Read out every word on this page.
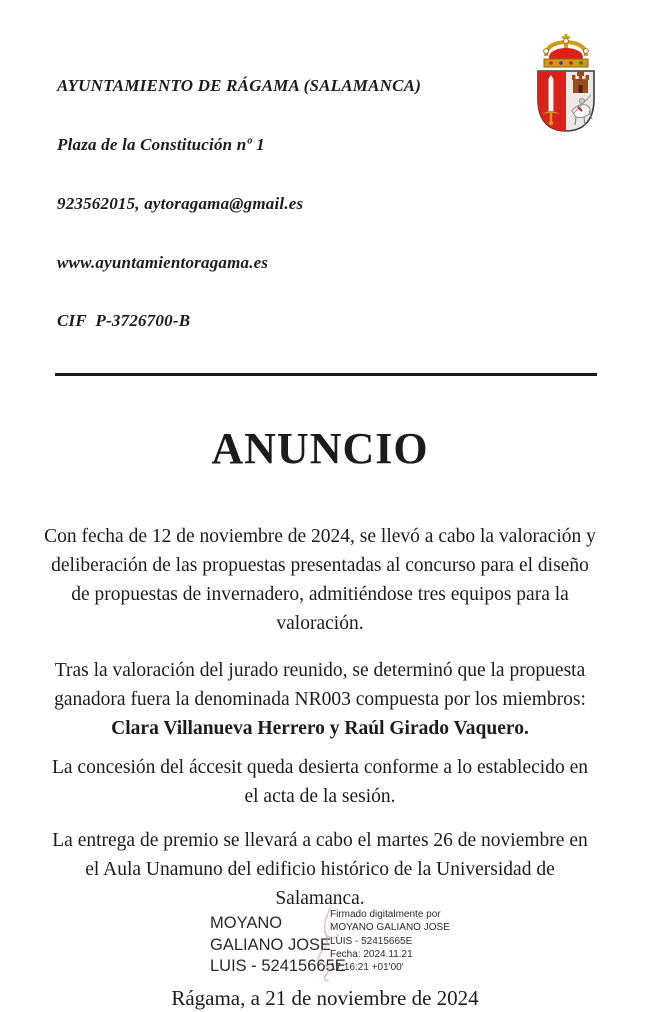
AYUNTAMIENTO DE RÁGAMA (SALAMANCA)

Plaza de la Constitución nº 1

923562015, aytoragama@gmail.es

www.ayuntamientoragama.es

CIF  P-3726700-B

ANUNCIO

Con fecha de 12 de noviembre de 2024, se llevó a cabo la valoración y deliberación de las propuestas presentadas al concurso para el diseño de propuestas de invernadero, admitiéndose tres equipos para la valoración.

Tras la valoración del jurado reunido, se determinó que la propuesta ganadora fuera la denominada NR003 compuesta por los miembros:
Clara Villanueva Herrero y Raúl Girado Vaquero.

La concesión del áccesit queda desierta conforme a lo establecido en el acta de la sesión.

La entrega de premio se llevará a cabo el martes 26 de noviembre en el Aula Unamuno del edificio histórico de la Universidad de Salamanca.

MOYANO
GALIANO JOSE
LUIS - 52415665E
Firmado digitalmente por
MOYANO GALIANO JOSE
LUIS - 52415665E
Fecha: 2024.11.21
17:16:21 +01'00'

Rágama, a 21 de noviembre de 2024
